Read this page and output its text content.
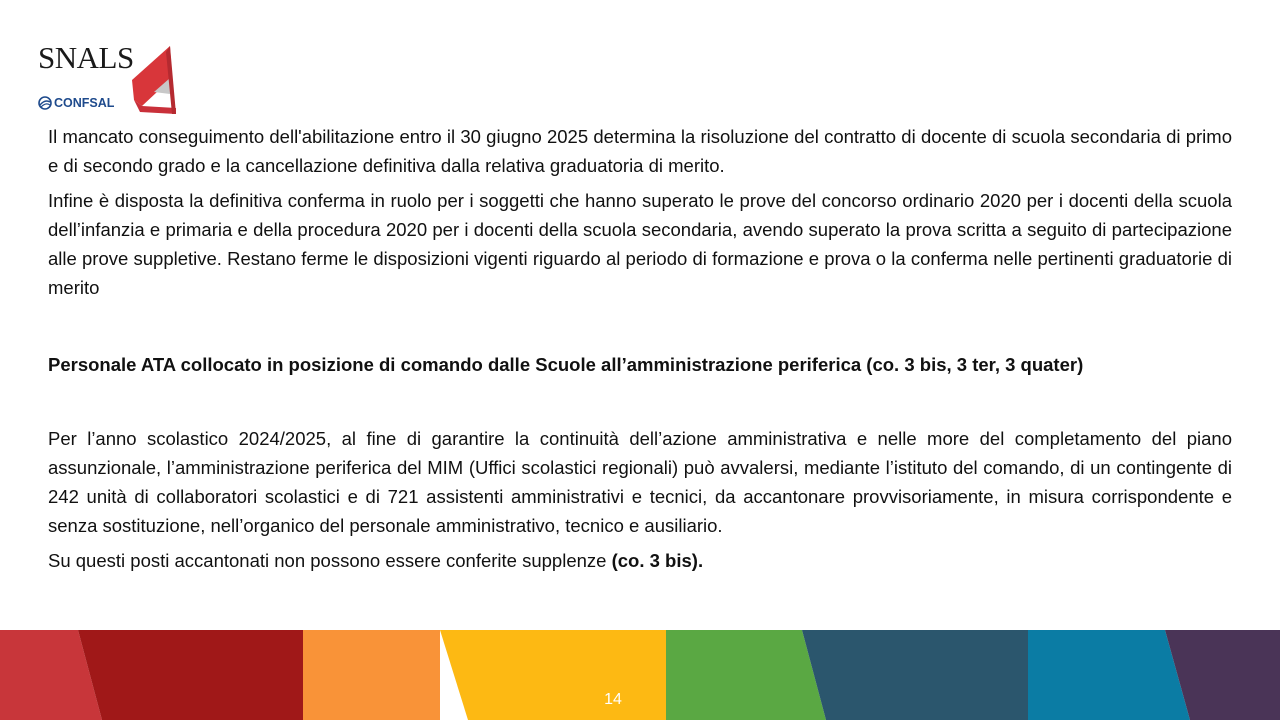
SNALS
CONFSAL

Il mancato conseguimento dell'abilitazione entro il 30 giugno 2025 determina la risoluzione del contratto di docente di scuola secondaria di primo e di secondo grado e la cancellazione definitiva dalla relativa graduatoria di merito.

Infine è disposta la definitiva conferma in ruolo per i soggetti che hanno superato le prove del concorso ordinario 2020 per i docenti della scuola dell’infanzia e primaria e della procedura 2020 per i docenti della scuola secondaria, avendo superato la prova scritta a seguito di partecipazione alle prove suppletive. Restano ferme le disposizioni vigenti riguardo al periodo di formazione e prova o la conferma nelle pertinenti graduatorie di merito

Personale ATA collocato in posizione di comando dalle Scuole all’amministrazione periferica (co. 3 bis, 3 ter, 3 quater)

Per l’anno scolastico 2024/2025, al fine di garantire la continuità dell’azione amministrativa e nelle more del completamento del piano assunzionale, l’amministrazione periferica del MIM (Uffici scolastici regionali) può avvalersi, mediante l’istituto del comando, di un contingente di 242 unità di collaboratori scolastici e di 721 assistenti amministrativi e tecnici, da accantonare provvisoriamente, in misura corrispondente e senza sostituzione, nell’organico del personale amministrativo, tecnico e ausiliario.

Su questi posti accantonati non possono essere conferite supplenze (co. 3 bis).

14
